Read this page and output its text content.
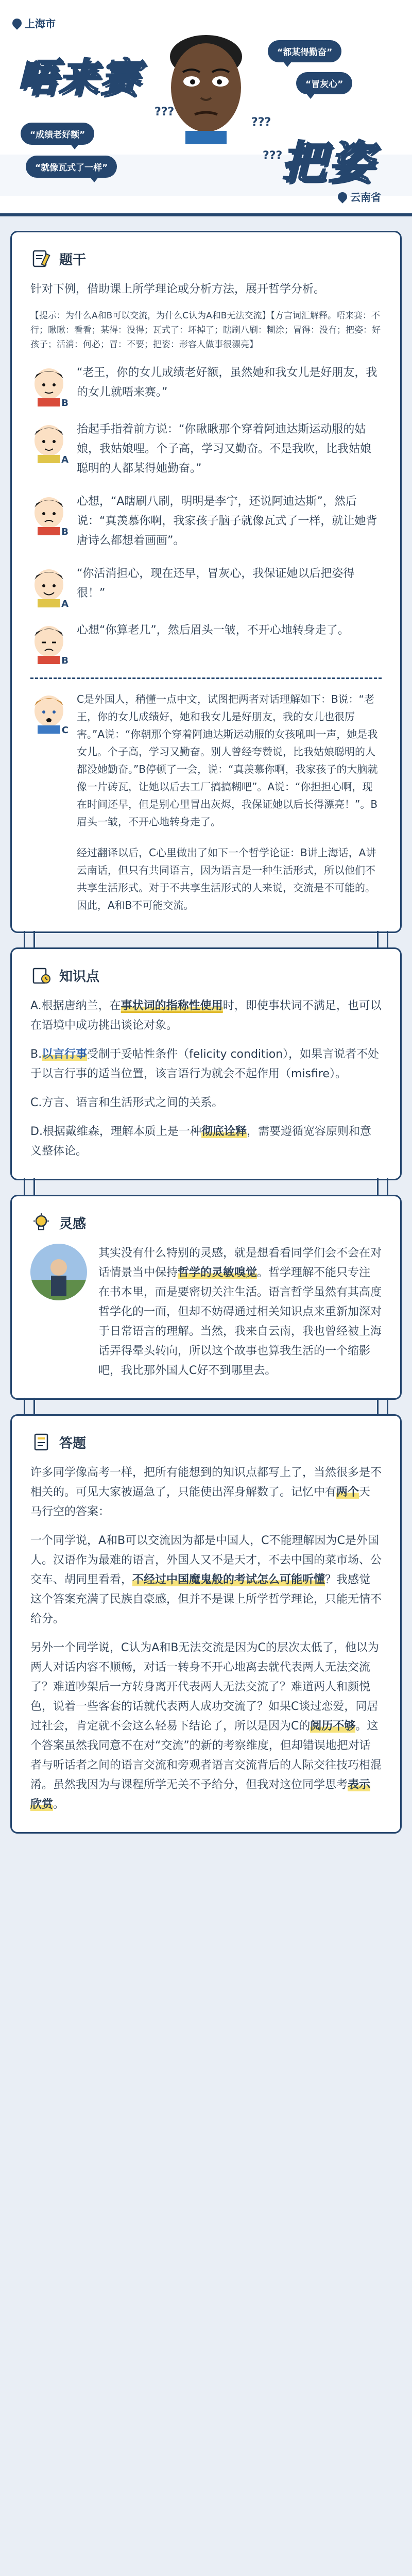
上海市
唔来赛
把姿
“都某得勤奋”
“冒灰心”
“成绩老好额”
“就像瓦式了一样”
???
???
???
云南省
题干

针对下例，借助课上所学理论或分析方法，展开哲学分析。

【提示：为什么A和B可以交流，为什么C认为A和B无法交流】【方言词汇解释。唔来赛：不行；瞅瞅：看看；某得：没得；瓦式了：坏掉了；瞎刷八刷：糊涂；冒得：没有；把姿：好孩子；活消：何必；冒：不要；把姿：形容人做事很漂亮】

B
“老王，你的女儿成绩老好额，虽然她和我女儿是好朋友，我的女儿就唔来赛。”
A
抬起手指着前方说：“你瞅瞅那个穿着阿迪达斯运动服的姑娘，我姑娘哩。个子高，学习又勤奋。不是我吹，比我姑娘聪明的人都某得她勤奋。”
B
心想，“A瞎刷八刷，明明是李宁，还说阿迪达斯”，然后说：“真羡慕你啊，我家孩子脑子就像瓦式了一样，就让她背唐诗么都想着画画”。
A
“你活消担心，现在还早，冒灰心，我保证她以后把姿得很！”
B
心想“你算老几”，然后眉头一皱，不开心地转身走了。
C
C是外国人，稍懂一点中文，试图把两者对话理解如下：B说：“老王，你的女儿成绩好，她和我女儿是好朋友，我的女儿也很厉害。”A说：“你朝那个穿着阿迪达斯运动服的女孩吼叫一声，她是我女儿。个子高，学习又勤奋。别人曾经夸赞说，比我姑娘聪明的人都没她勤奋。”B停顿了一会，说：“真羡慕你啊，我家孩子的大脑就像一片砖瓦，让她以后去工厂搞搞糊吧”。A说：“你担担心啊，现在时间还早，但是别心里冒出灰烬，我保证她以后长得漂亮！”。B眉头一皱，不开心地转身走了。

经过翻译以后，C心里做出了如下一个哲学论证：B讲上海话，A讲云南话，但只有共同语言，因为语言是一种生活形式，所以他们不共享生活形式。对于不共享生活形式的人来说，交流是不可能的。因此，A和B不可能交流。

知识点

A.根据唐纳兰，在事状词的指称性使用时，即使事状词不满足，也可以在语境中成功挑出谈论对象。

B.以言行事受制于妥帖性条件（felicity condition），如果言说者不处于以言行事的适当位置，该言语行为就会不起作用（misfire）。

C.方言、语言和生活形式之间的关系。

D.根据戴维森，理解本质上是一种彻底诠释，需要遵循宽容原则和意义整体论。

灵感
其实没有什么特别的灵感，就是想看看同学们会不会在对话情景当中保持哲学的灵敏嗅觉。哲学理解不能只专注在书本里，而是要密切关注生活。语言哲学虽然有其高度哲学化的一面，但却不妨碍通过相关知识点来重新加深对于日常语言的理解。当然，我来自云南，我也曾经被上海话弄得晕头转向，所以这个故事也算我生活的一个缩影吧，我比那外国人C好不到哪里去。
答题

许多同学像高考一样，把所有能想到的知识点都写上了，当然很多是不相关的。可见大家被逼急了，只能使出浑身解数了。记忆中有两个天马行空的答案：

一个同学说，A和B可以交流因为都是中国人，C不能理解因为C是外国人。汉语作为最难的语言，外国人又不是天才，不去中国的菜市场、公交车、胡同里看看，不经过中国魔鬼般的考试怎么可能听懂？我感觉这个答案充满了民族自豪感，但并不是课上所学哲学理论，只能无情不给分。

另外一个同学说，C认为A和B无法交流是因为C的层次太低了，他以为两人对话内容不顺畅，对话一转身不开心地离去就代表两人无法交流了？难道吵架后一方转身离开代表两人无法交流了？难道两人和颜悦色，说着一些客套的话就代表两人成功交流了？如果C谈过恋爱，同居过社会，肯定就不会这么轻易下结论了，所以是因为C的阅历不够。这个答案虽然我同意不在对“交流”的新的考察维度，但却错误地把对话者与听话者之间的语言交流和旁观者语言交流背后的人际交往技巧相混淆。虽然我因为与课程所学无关不予给分，但我对这位同学思考表示欣赏。
